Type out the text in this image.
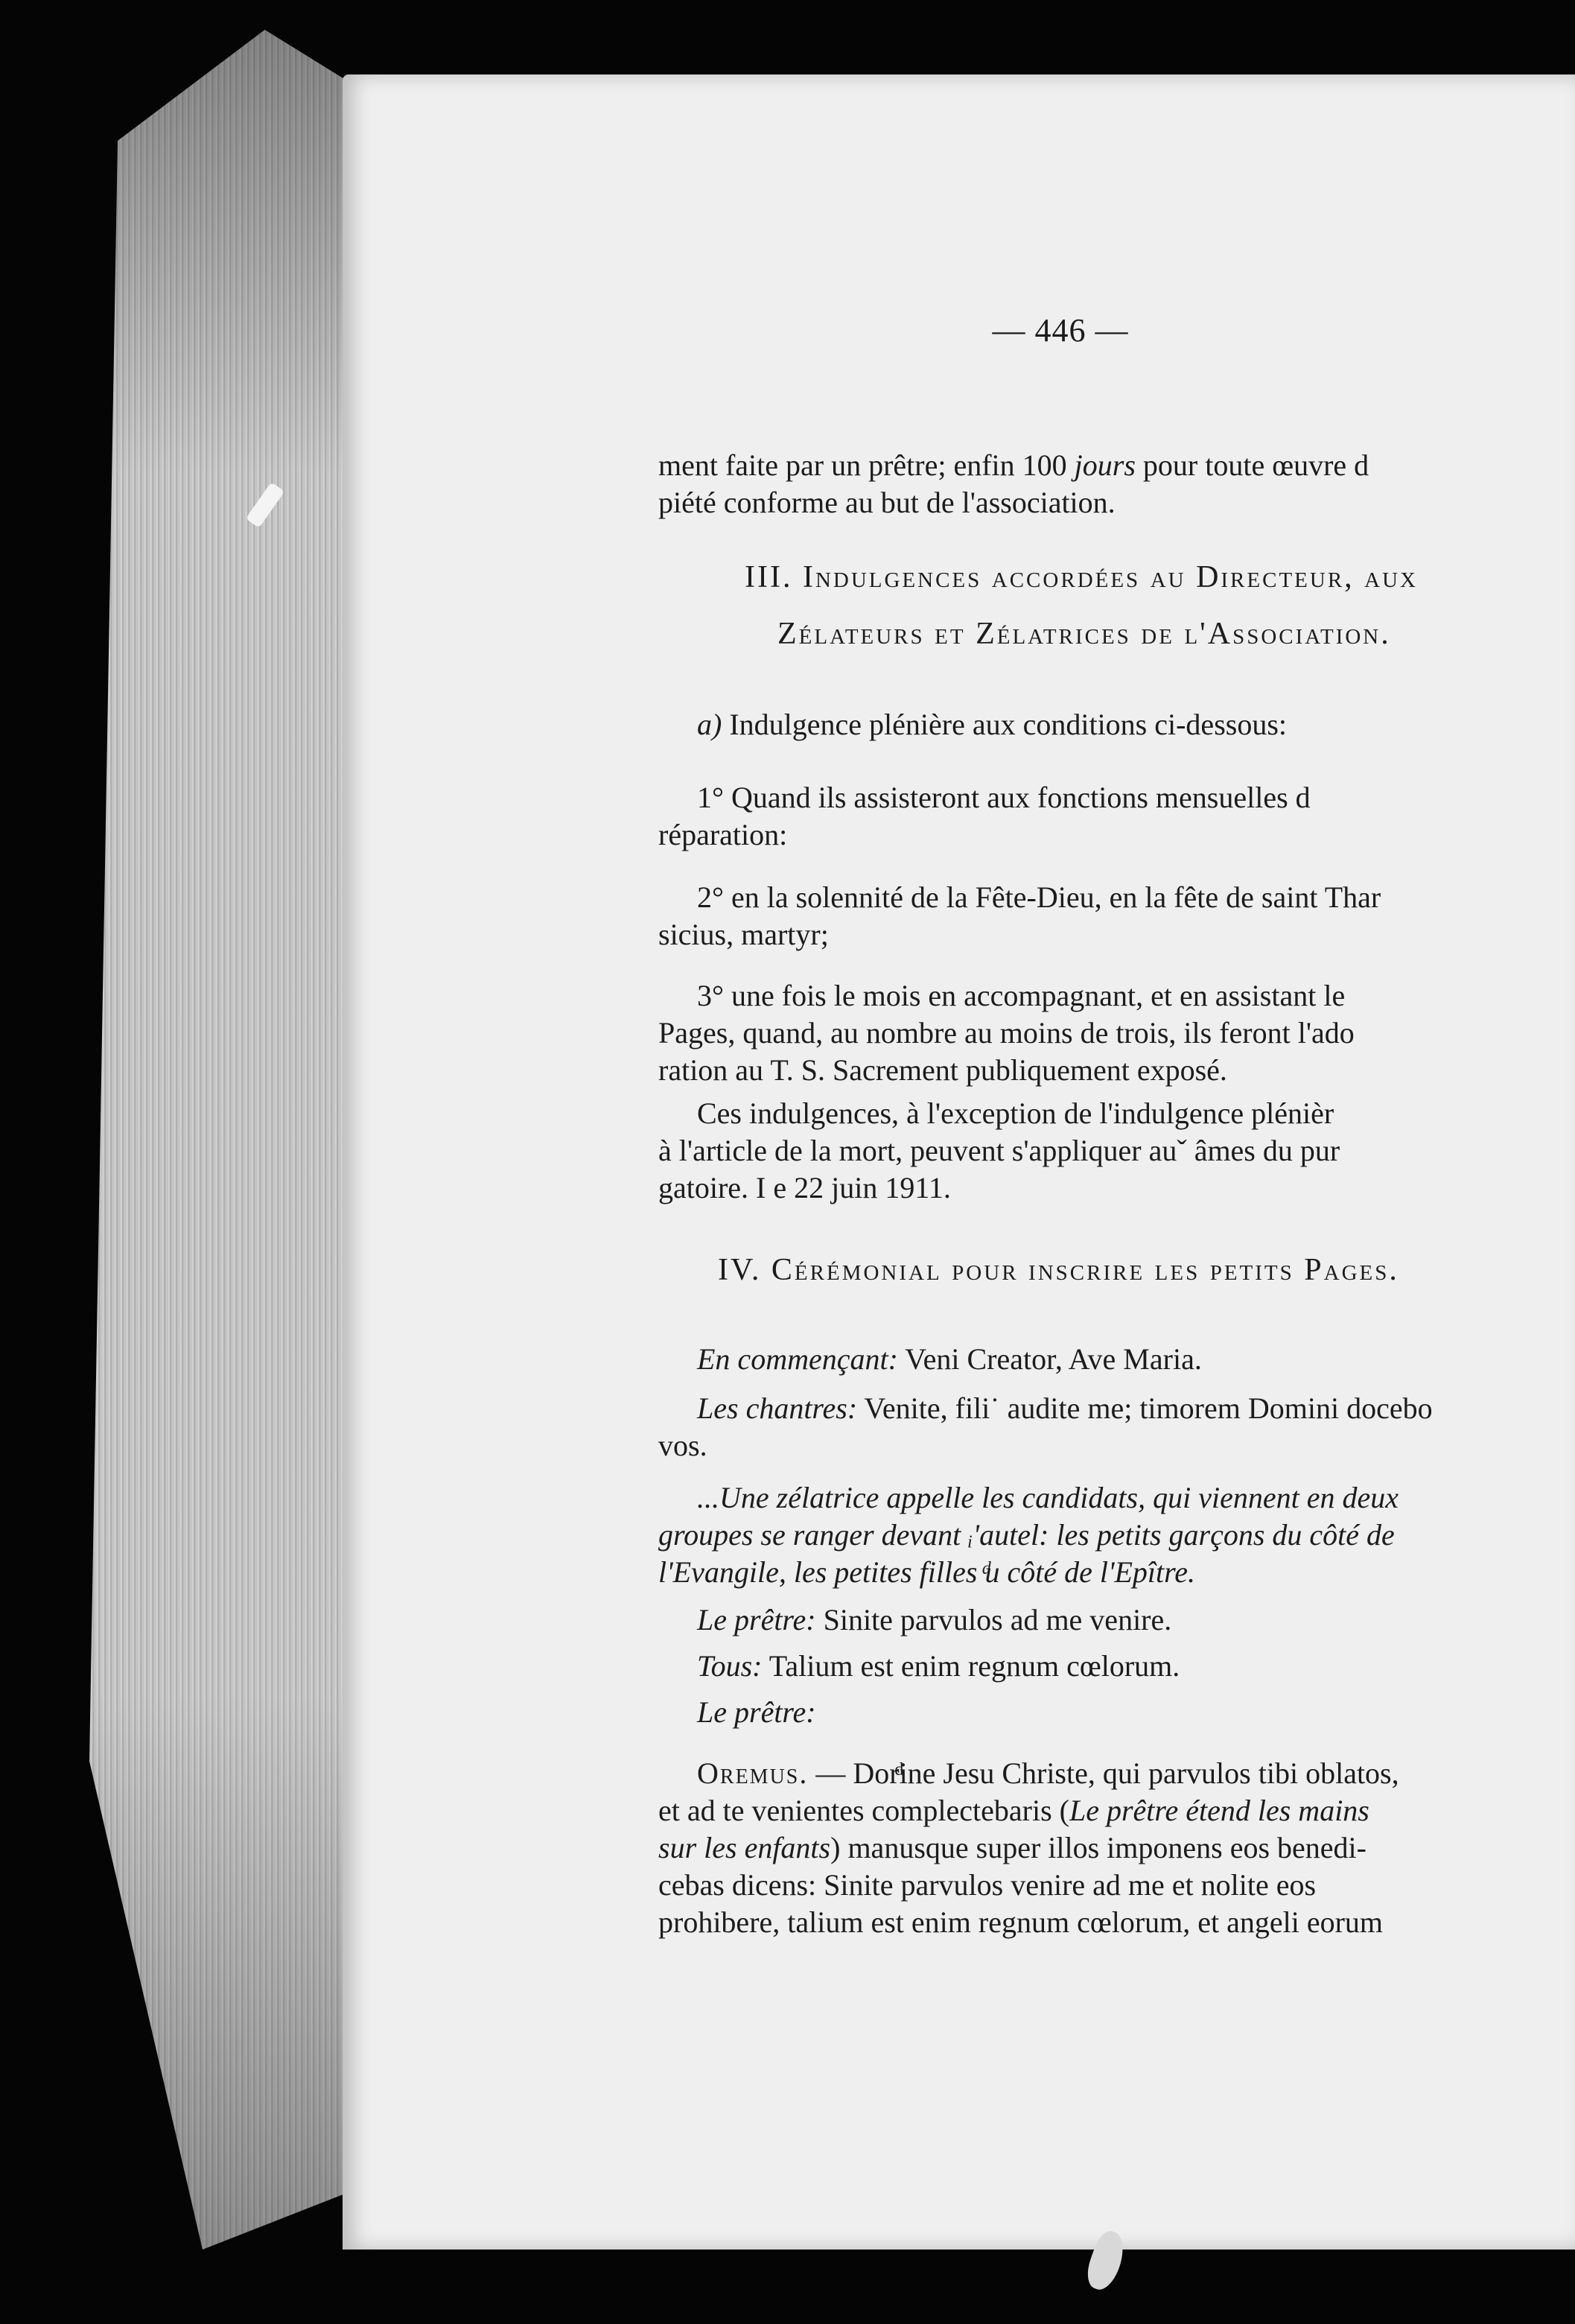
— 446 —

ment faite par un prêtre; enfin 100 jours pour toute œuvre d

piété conforme au but de l'association.

III. Indulgences accordées au Directeur, aux
Zélateurs et Zélatrices de l'Association.

a) Indulgence plénière aux conditions ci-dessous:

1° Quand ils assisteront aux fonctions mensuelles d

réparation:

2° en la solennité de la Fête-Dieu, en la fête de saint Thar

sicius, martyr;

3° une fois le mois en accompagnant, et en assistant le

Pages, quand, au nombre au moins de trois, ils feront l'ado

ration au T. S. Sacrement publiquement exposé.

Ces indulgences, à l'exception de l'indulgence plénièr

à l'article de la mort, peuvent s'appliquer auˇ âmes du pur

gatoire. I e 22 juin 1911.

IV. Cérémonial pour inscrire les petits Pages.

En commençant: Veni Creator, Ave Maria.

Les chantres: Venite, fili˙ audite me; timorem Domini docebo

vos.

...Une zélatrice appelle les candidats, qui viennent en deux

groupes se ranger devant ᵢ'autel: les petits garçons du côté de

l'Evangile, les petites filles ͩu côté de l'Epître.

Le prêtre: Sinite parvulos ad me venire.

Tous: Talium est enim regnum cœlorum.

Le prêtre:

Oremus. — Dorͩine Jesu Christe, qui parvulos tibi oblatos,

et ad te venientes complectebaris (Le prêtre étend les mains

sur les enfants) manusque super illos imponens eos benedi-

cebas dicens: Sinite parvulos venire ad me et nolite eos

prohibere, talium est enim regnum cœlorum, et angeli eorum
